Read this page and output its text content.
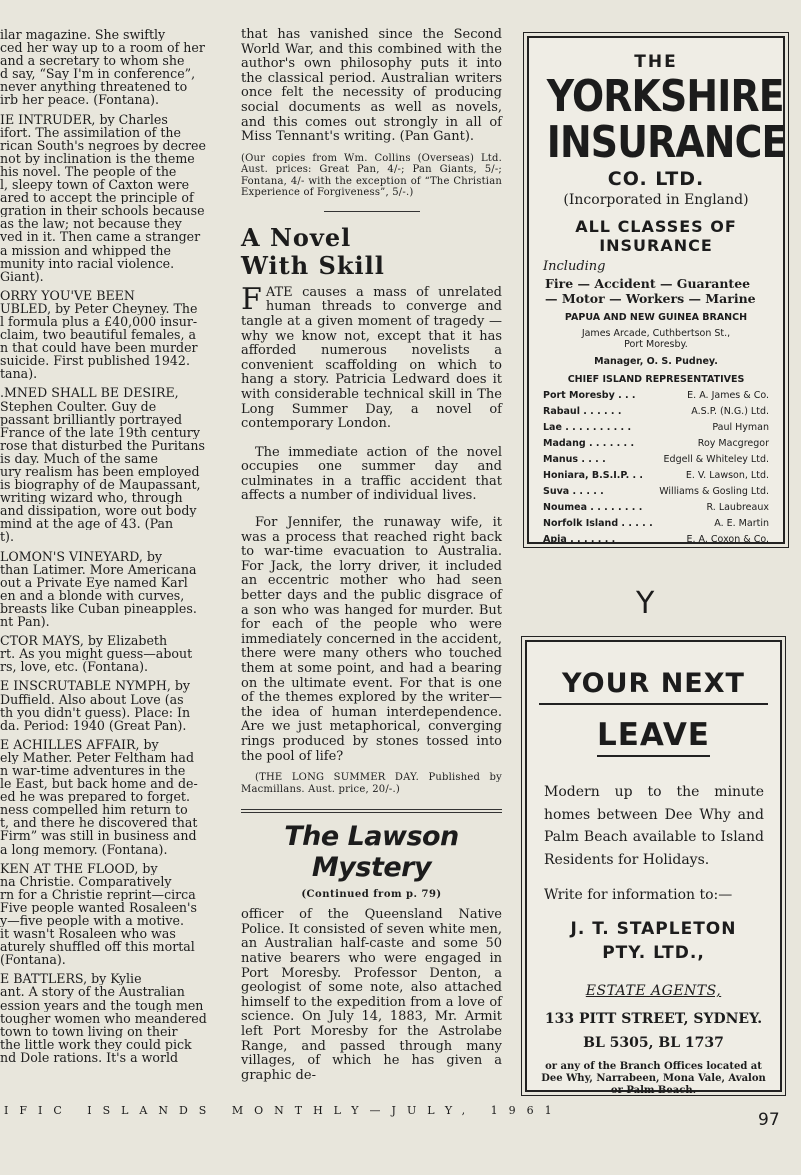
ilar magazine. She swiftly
ced her way up to a room of her
and a secretary to whom she
d say, “Say I'm in conference”,
never anything threatened to
irb her peace. (Fontana).

IE INTRUDER, by Charles
ifort. The assimilation of the
rican South's negroes by decree
not by inclination is the theme
his novel. The people of the
l, sleepy town of Caxton were
ared to accept the principle of
gration in their schools because
as the law; not because they
ved in it. Then came a stranger
a mission and whipped the
munity into racial violence.
Giant).

ORRY YOU'VE BEEN
UBLED, by Peter Cheyney. The
l formula plus a £40,000 insur-
claim, two beautiful females, a
n that could have been murder
suicide. First published 1942.
tana).

.MNED SHALL BE DESIRE,
Stephen Coulter. Guy de
passant brilliantly portrayed
France of the late 19th century
rose that disturbed the Puritans
is day. Much of the same
ury realism has been employed
is biography of de Maupassant,
writing wizard who, through
and dissipation, wore out body
mind at the age of 43. (Pan
t).

LOMON'S VINEYARD, by
than Latimer. More Americana
out a Private Eye named Karl
en and a blonde with curves,
breasts like Cuban pineapples.
nt Pan).

CTOR MAYS, by Elizabeth
rt. As you might guess—about
rs, love, etc. (Fontana).

E INSCRUTABLE NYMPH, by
Duffield. Also about Love (as
th you didn't guess). Place: In
da. Period: 1940 (Great Pan).

E ACHILLES AFFAIR, by
ely Mather. Peter Feltham had
n war-time adventures in the
le East, but back home and de-
ed he was prepared to forget.
ness compelled him return to
t, and there he discovered that
Firm” was still in business and
a long memory. (Fontana).

KEN AT THE FLOOD, by
na Christie. Comparatively
rn for a Christie reprint—circa
Five people wanted Rosaleen's
y—five people with a motive.
it wasn't Rosaleen who was
aturely shuffled off this mortal
(Fontana).

E BATTLERS, by Kylie
ant. A story of the Australian
ession years and the tough men
tougher women who meandered
town to town living on their
the little work they could pick
nd Dole rations. It's a world

that has vanished since the Second World War, and this combined with the author's own philosophy puts it into the classical period. Australian writers once felt the necessity of producing social documents as well as novels, and this comes out strongly in all of Miss Tennant's writing. (Pan Gant).

(Our copies from Wm. Collins (Overseas) Ltd. Aust. prices: Great Pan, 4/-; Pan Giants, 5/-; Fontana, 4/- with the exception of “The Christian Experience of Forgiveness”, 5/-.)

A Novel

With Skill

FATE causes a mass of unrelated human threads to converge and tangle at a given moment of tragedy —why we know not, except that it has afforded numerous novelists a convenient scaffolding on which to hang a story. Patricia Ledward does it with considerable technical skill in The Long Summer Day, a novel of contemporary London.

The immediate action of the novel occupies one summer day and culminates in a traffic accident that affects a number of individual lives.

For Jennifer, the runaway wife, it was a process that reached right back to war-time evacuation to Australia. For Jack, the lorry driver, it included an eccentric mother who had seen better days and the public disgrace of a son who was hanged for murder. But for each of the people who were immediately concerned in the accident, there were many others who touched them at some point, and had a bearing on the ultimate event. For that is one of the themes explored by the writer—the idea of human interdependence. Are we just metaphorical, converging rings produced by stones tossed into the pool of life?

(THE LONG SUMMER DAY. Published by Macmillans. Aust. price, 20/-.)

The Lawson Mystery

(Continued from p. 79)

officer of the Queensland Native Police. It consisted of seven white men, an Australian half-caste and some 50 native bearers who were engaged in Port Moresby. Professor Denton, a geologist of some note, also attached himself to the expedition from a love of science. On July 14, 1883, Mr. Armit left Port Moresby for the Astrolabe Range, and passed through many villages, of which he has given a graphic de-

THE
YORKSHIRE
INSURANCE
CO. LTD.
(Incorporated in England)
ALL CLASSES OF
INSURANCE
Including
Fire — Accident — Guarantee
— Motor — Workers — Marine
PAPUA AND NEW GUINEA BRANCH
James Arcade, Cuthbertson St.,
Port Moresby.
Manager, O. S. Pudney.
CHIEF ISLAND REPRESENTATIVES
Port Moresby . . .	E. A. James & Co.
Rabaul . . . . . .	A.S.P. (N.G.) Ltd.
Lae . . . . . . . . . .	Paul Hyman
Madang . . . . . . .	Roy Macgregor
Manus . . . .	Edgell & Whiteley Ltd.
Honiara, B.S.I.P. . .	E. V. Lawson, Ltd.
Suva . . . . .	Williams & Gosling Ltd.
Noumea . . . . . . . .	R. Laubreaux
Norfolk Island . . . . .	A. E. Martin
Apia . . . . . . .	E. A. Coxon & Co.
Y
YOUR NEXT
LEAVE

Modern up to the minute homes between Dee Why and Palm Beach available to Island Residents for Holidays.

Write for information to:—

J. T. STAPLETON
PTY. LTD.,
ESTATE AGENTS,
133 PITT STREET, SYDNEY.
BL 5305, BL 1737

or any of the Branch Offices located at Dee Why, Narrabeen, Mona Vale, Avalon or Palm Beach.

IFIC ISLANDS MONTHLY—JULY, 1961	97
